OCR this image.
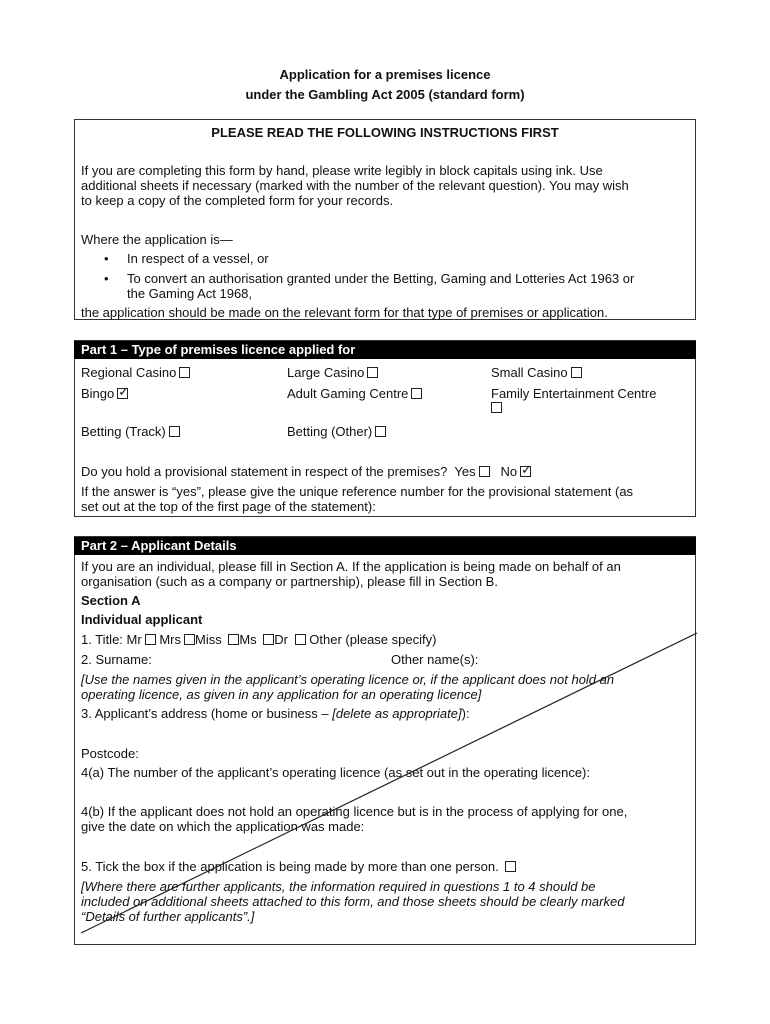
Application for a premises licence
under the Gambling Act 2005 (standard form)
PLEASE READ THE FOLLOWING INSTRUCTIONS FIRST
If you are completing this form by hand, please write legibly in block capitals using ink. Use
additional sheets if necessary (marked with the number of the relevant question). You may wish
to keep a copy of the completed form for your records.
Where the application is—
• In respect of a vessel, or
• To convert an authorisation granted under the Betting, Gaming and Lotteries Act 1963 or
the Gaming Act 1968,
the application should be made on the relevant form for that type of premises or application.
Part 1 – Type of premises licence applied for
Regional Casino	Large Casino	Small Casino
Bingo✓	Adult Gaming Centre	Family Entertainment Centre
Betting (Track)	Betting (Other)
Do you hold a provisional statement in respect of the premises? Yes No✓
If the answer is “yes”, please give the unique reference number for the provisional statement (as
set out at the top of the first page of the statement):
Part 2 – Applicant Details
If you are an individual, please fill in Section A. If the application is being made on behalf of an
organisation (such as a company or partnership), please fill in Section B.
Section A
Individual applicant
1. Title: Mr Mrs Miss Ms Dr Other (please specify)
2. Surname:	Other name(s):
[Use the names given in the applicant’s operating licence or, if the applicant does not hold an
operating licence, as given in any application for an operating licence]
3. Applicant’s address (home or business – [delete as appropriate]):
Postcode:
4(a) The number of the applicant’s operating licence (as set out in the operating licence):
4(b) If the applicant does not hold an operating licence but is in the process of applying for one,
give the date on which the application was made:
5. Tick the box if the application is being made by more than one person.
[Where there are further applicants, the information required in questions 1 to 4 should be
included on additional sheets attached to this form, and those sheets should be clearly marked
“Details of further applicants”.]
